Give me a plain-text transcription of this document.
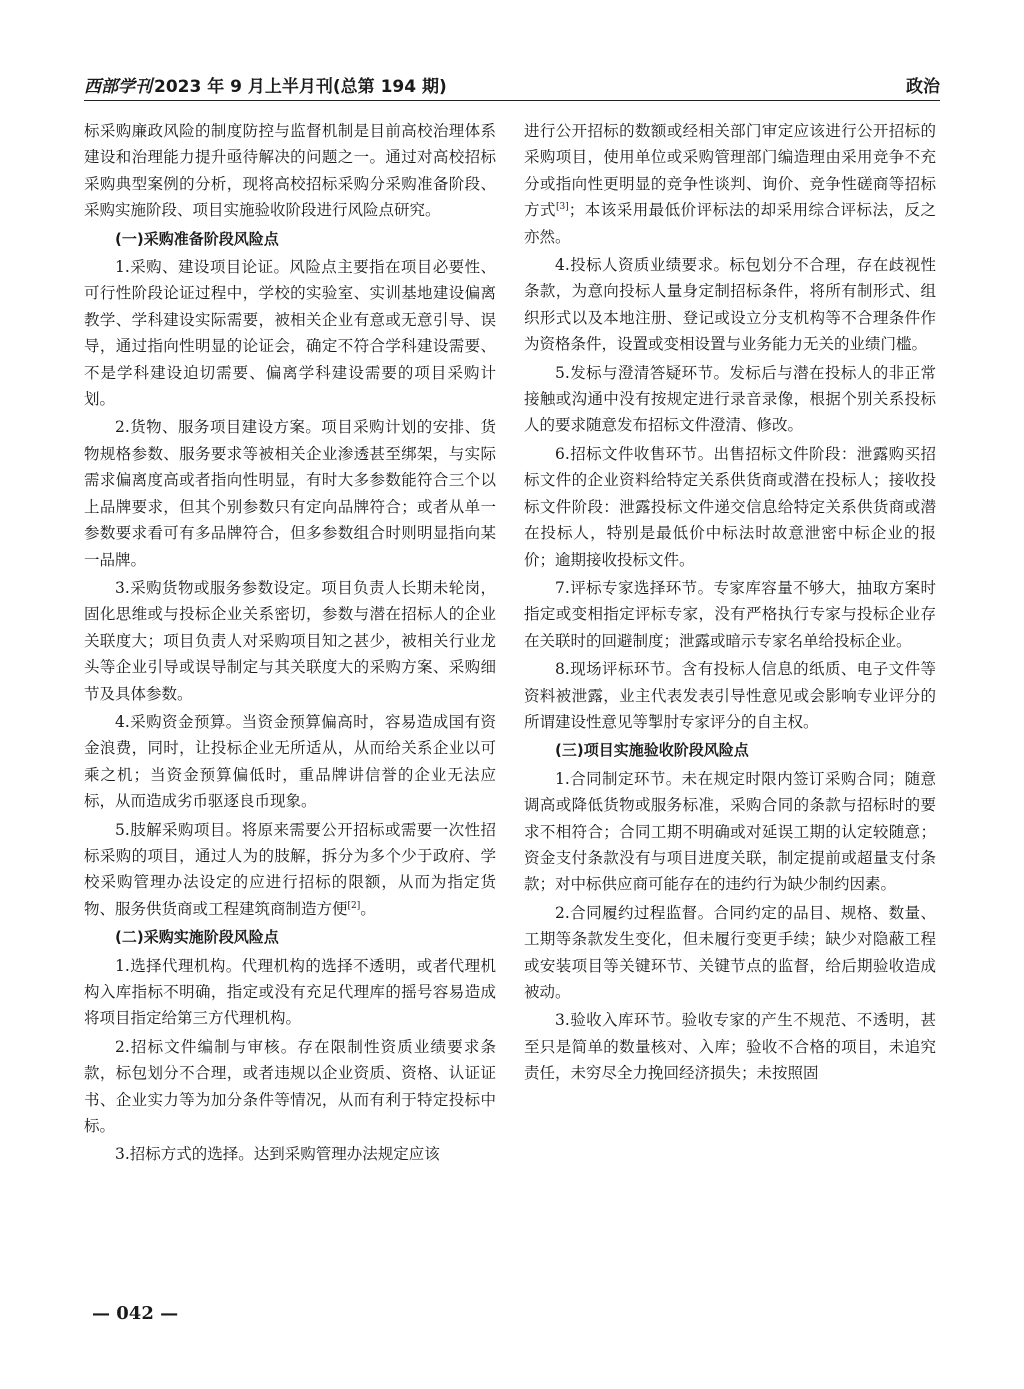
西部学刊 2023 年 9 月上半月刊(总第 194 期)	政治

标采购廉政风险的制度防控与监督机制是目前高校治理体系建设和治理能力提升亟待解决的问题之一。通过对高校招标采购典型案例的分析，现将高校招标采购分采购准备阶段、采购实施阶段、项目实施验收阶段进行风险点研究。

(一)采购准备阶段风险点

1.采购、建设项目论证。风险点主要指在项目必要性、可行性阶段论证过程中，学校的实验室、实训基地建设偏离教学、学科建设实际需要，被相关企业有意或无意引导、误导，通过指向性明显的论证会，确定不符合学科建设需要、不是学科建设迫切需要、偏离学科建设需要的项目采购计划。

2.货物、服务项目建设方案。项目采购计划的安排、货物规格参数、服务要求等被相关企业渗透甚至绑架，与实际需求偏离度高或者指向性明显，有时大多参数能符合三个以上品牌要求，但其个别参数只有定向品牌符合；或者从单一参数要求看可有多品牌符合，但多参数组合时则明显指向某一品牌。

3.采购货物或服务参数设定。项目负责人长期未轮岗，固化思维或与投标企业关系密切，参数与潜在招标人的企业关联度大；项目负责人对采购项目知之甚少，被相关行业龙头等企业引导或误导制定与其关联度大的采购方案、采购细节及具体参数。

4.采购资金预算。当资金预算偏高时，容易造成国有资金浪费，同时，让投标企业无所适从，从而给关系企业以可乘之机；当资金预算偏低时，重品牌讲信誉的企业无法应标，从而造成劣币驱逐良币现象。

5.肢解采购项目。将原来需要公开招标或需要一次性招标采购的项目，通过人为的肢解，拆分为多个少于政府、学校采购管理办法设定的应进行招标的限额，从而为指定货物、服务供货商或工程建筑商制造方便[2]。

(二)采购实施阶段风险点

1.选择代理机构。代理机构的选择不透明，或者代理机构入库指标不明确，指定或没有充足代理库的摇号容易造成将项目指定给第三方代理机构。

2.招标文件编制与审核。存在限制性资质业绩要求条款，标包划分不合理，或者违规以企业资质、资格、认证证书、企业实力等为加分条件等情况，从而有利于特定投标中标。

3.招标方式的选择。达到采购管理办法规定应该

进行公开招标的数额或经相关部门审定应该进行公开招标的采购项目，使用单位或采购管理部门编造理由采用竞争不充分或指向性更明显的竞争性谈判、询价、竞争性磋商等招标方式[3]；本该采用最低价评标法的却采用综合评标法，反之亦然。

4.投标人资质业绩要求。标包划分不合理，存在歧视性条款，为意向投标人量身定制招标条件，将所有制形式、组织形式以及本地注册、登记或设立分支机构等不合理条件作为资格条件，设置或变相设置与业务能力无关的业绩门槛。

5.发标与澄清答疑环节。发标后与潜在投标人的非正常接触或沟通中没有按规定进行录音录像，根据个别关系投标人的要求随意发布招标文件澄清、修改。

6.招标文件收售环节。出售招标文件阶段：泄露购买招标文件的企业资料给特定关系供货商或潜在投标人；接收投标文件阶段：泄露投标文件递交信息给特定关系供货商或潜在投标人，特别是最低价中标法时故意泄密中标企业的报价；逾期接收投标文件。

7.评标专家选择环节。专家库容量不够大，抽取方案时指定或变相指定评标专家，没有严格执行专家与投标企业存在关联时的回避制度；泄露或暗示专家名单给投标企业。

8.现场评标环节。含有投标人信息的纸质、电子文件等资料被泄露，业主代表发表引导性意见或会影响专业评分的所谓建设性意见等掣肘专家评分的自主权。

(三)项目实施验收阶段风险点

1.合同制定环节。未在规定时限内签订采购合同；随意调高或降低货物或服务标准，采购合同的条款与招标时的要求不相符合；合同工期不明确或对延误工期的认定较随意；资金支付条款没有与项目进度关联，制定提前或超量支付条款；对中标供应商可能存在的违约行为缺少制约因素。

2.合同履约过程监督。合同约定的品目、规格、数量、工期等条款发生变化，但未履行变更手续；缺少对隐蔽工程或安装项目等关键环节、关键节点的监督，给后期验收造成被动。

3.验收入库环节。验收专家的产生不规范、不透明，甚至只是简单的数量核对、入库；验收不合格的项目，未追究责任，未穷尽全力挽回经济损失；未按照固

— 042 —
